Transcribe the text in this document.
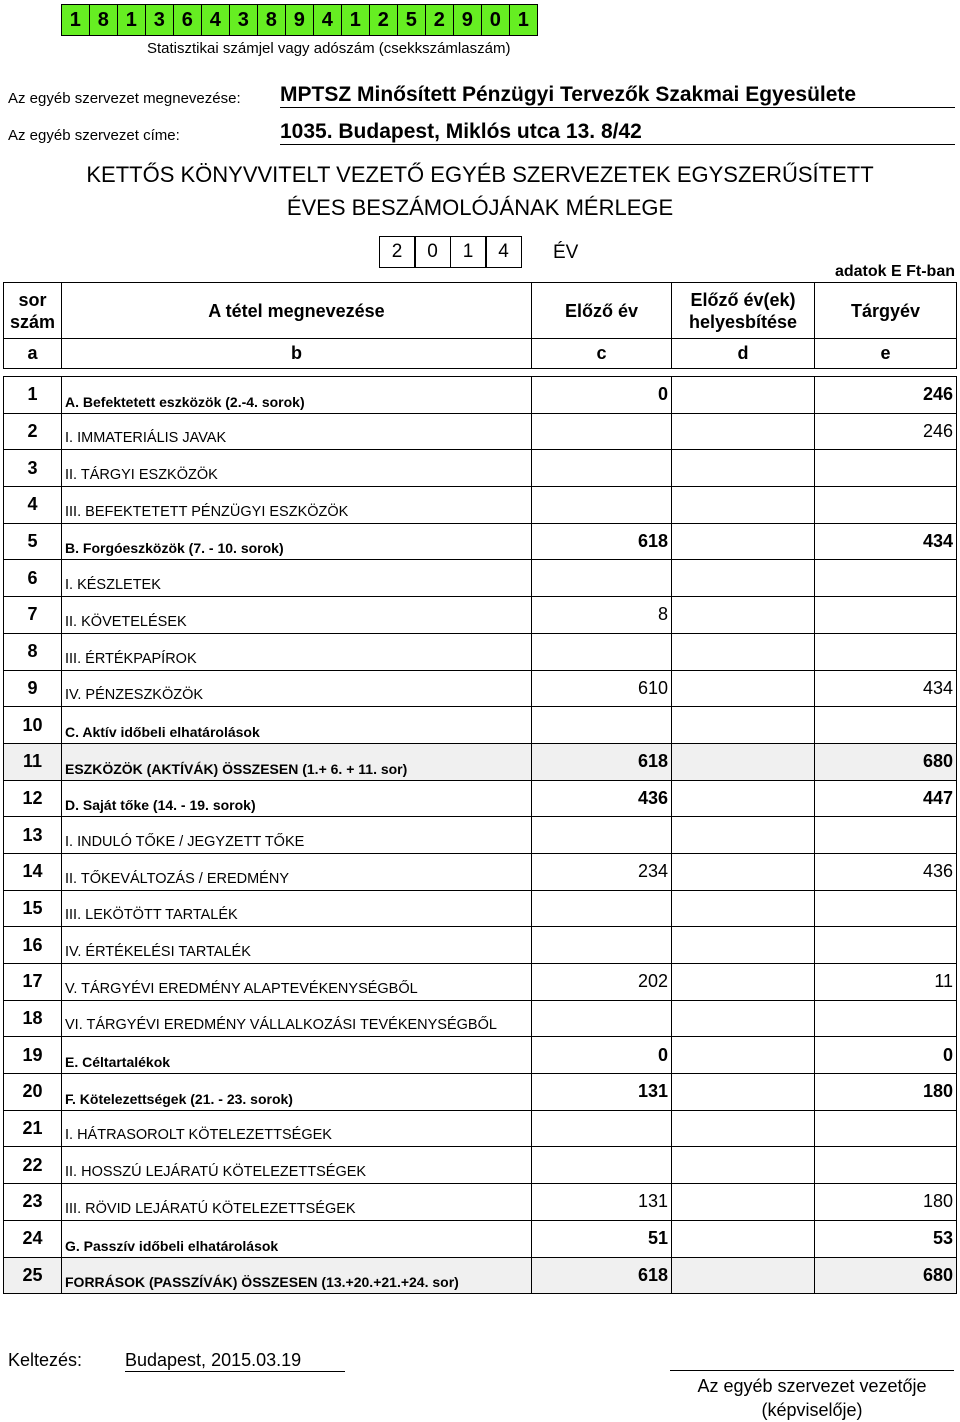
1 8 1 3 6 4 3 8 9 4 1 2 5 2 9 0 1
Statisztikai számjel vagy adószám (csekkszámlaszám)
Az egyéb szervezet megnevezése: MPTSZ Minősített Pénzügyi Tervezők Szakmai Egyesülete
Az egyéb szervezet címe:	1035. Budapest, Miklós utca 13. 8/42
KETTŐS KÖNYVVITELT VEZETŐ EGYÉB SZERVEZETEK EGYSZERŰSÍTETT
ÉVES BESZÁMOLÓJÁNAK MÉRLEGE
2	0	1	4	ÉV
adatok E Ft-ban
sor szám	A tétel megnevezése	Előző év	Előző év(ek) helyesbítése	Tárgyév
a	b	c	d	e

1	A. Befektetett eszközök (2.-4. sorok)	0		246
2	I. IMMATERIÁLIS JAVAK			246
3	II. TÁRGYI ESZKÖZÖK			
4	III. BEFEKTETETT PÉNZÜGYI ESZKÖZÖK			
5	B. Forgóeszközök (7. - 10. sorok)	618		434
6	I. KÉSZLETEK			
7	II. KÖVETELÉSEK	8		
8	III. ÉRTÉKPAPÍROK			
9	IV. PÉNZESZKÖZÖK	610		434
10	C. Aktív időbeli elhatárolások			
11	ESZKÖZÖK (AKTÍVÁK) ÖSSZESEN (1.+ 6. + 11. sor)	618		680
12	D. Saját tőke (14. - 19. sorok)	436		447
13	I. INDULÓ TŐKE / JEGYZETT TŐKE			
14	II. TŐKEVÁLTOZÁS / EREDMÉNY	234		436
15	III. LEKÖTÖTT TARTALÉK			
16	IV. ÉRTÉKELÉSI TARTALÉK			
17	V. TÁRGYÉVI EREDMÉNY ALAPTEVÉKENYSÉGBŐL	202		11
18	VI. TÁRGYÉVI EREDMÉNY VÁLLALKOZÁSI TEVÉKENYSÉGBŐL			
19	E. Céltartalékok	0		0
20	F. Kötelezettségek (21. - 23. sorok)	131		180
21	I. HÁTRASOROLT KÖTELEZETTSÉGEK			
22	II. HOSSZÚ LEJÁRATÚ KÖTELEZETTSÉGEK			
23	III. RÖVID LEJÁRATÚ KÖTELEZETTSÉGEK	131		180
24	G. Passzív időbeli elhatárolások	51		53
25	FORRÁSOK (PASSZÍVÁK) ÖSSZESEN (13.+20.+21.+24. sor)	618		680
Keltezés: Budapest, 2015.03.19
Az egyéb szervezet vezetője
(képviselője)
